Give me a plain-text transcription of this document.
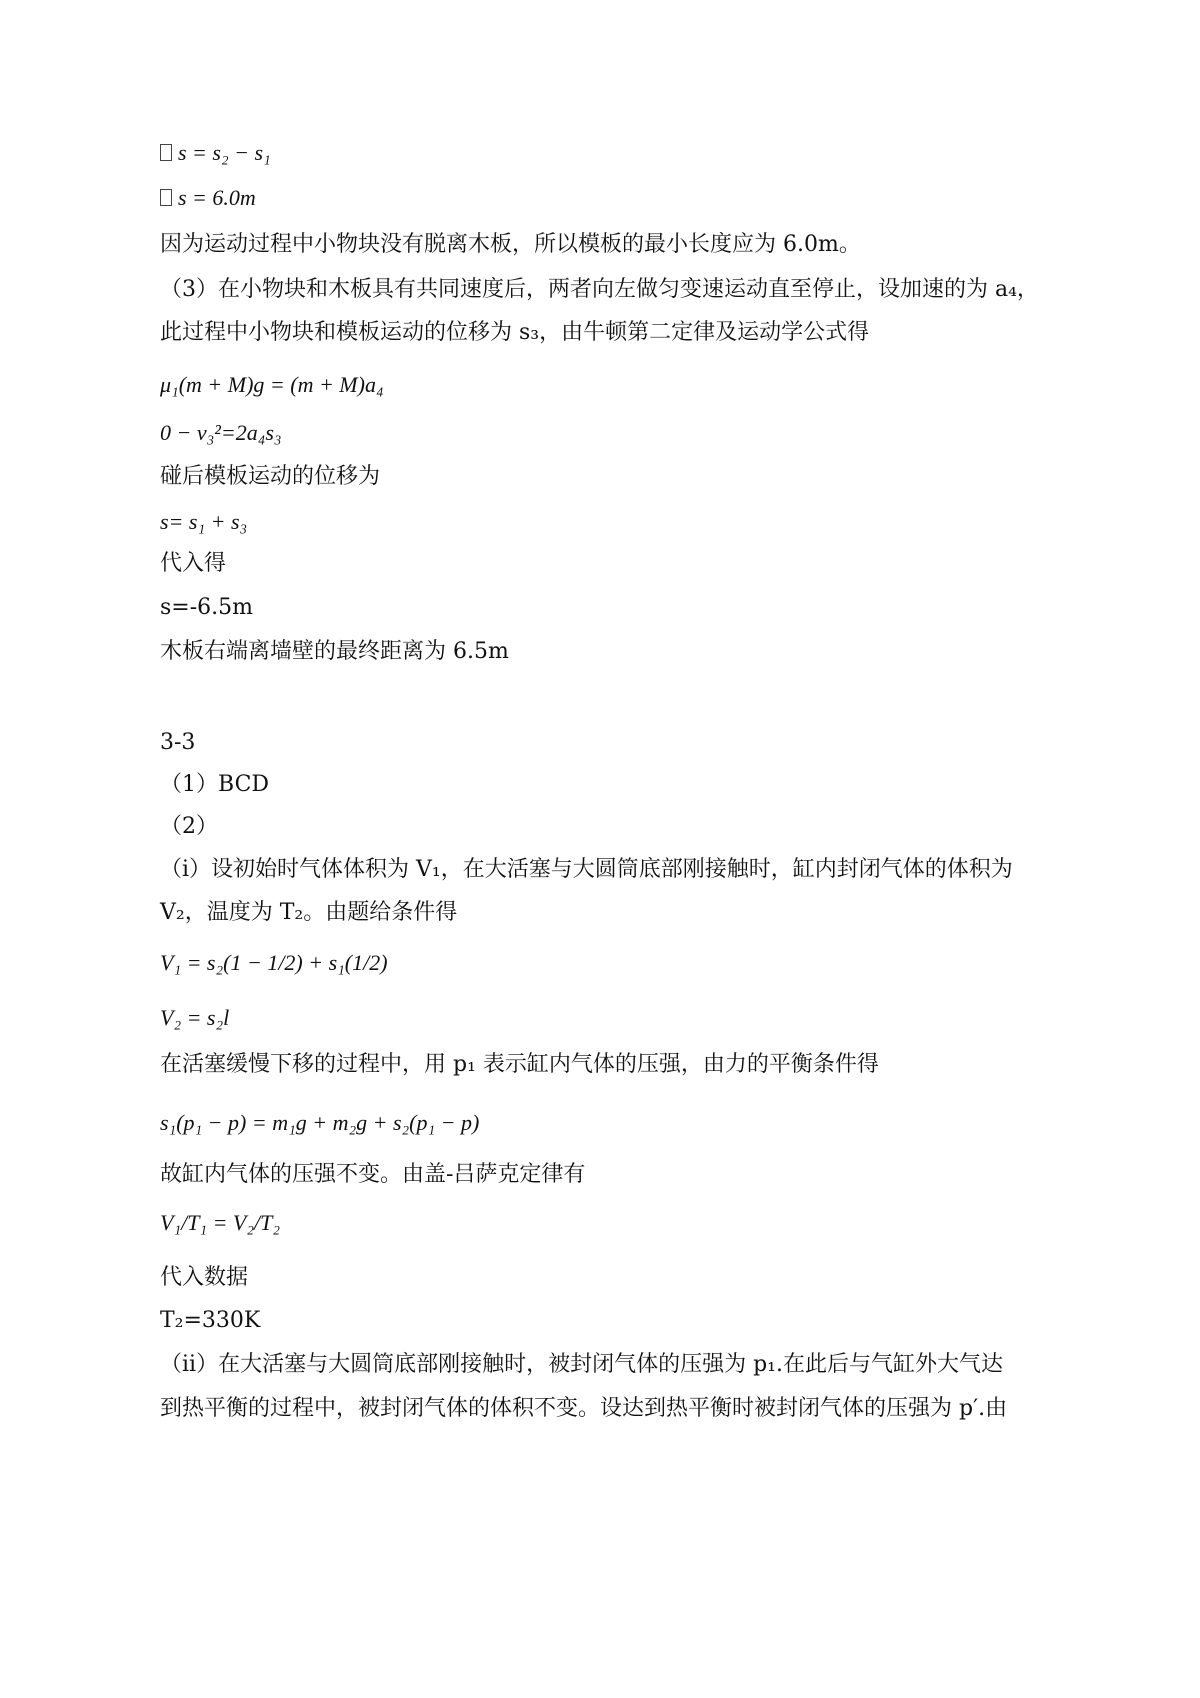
s = s₂ − s₁
s = 6.0m
因为运动过程中小物块没有脱离木板，所以模板的最小长度应为 6.0m。
（3）在小物块和木板具有共同速度后，两者向左做匀变速运动直至停止，设加速的为 a₄，
此过程中小物块和模板运动的位移为 s₃，由牛顿第二定律及运动学公式得
μ₁(m + M)g = (m + M)a₄
0 − v₃²=2a₄s₃
碰后模板运动的位移为
s= s₁ + s₃
代入得
s=-6.5m
木板右端离墙壁的最终距离为 6.5m
3-3
（1）BCD
（2）
（i）设初始时气体体积为 V₁，在大活塞与大圆筒底部刚接触时，缸内封闭气体的体积为
V₂，温度为 T₂。由题给条件得
V₁ = s₂(1 − 1/2) + s₁(1/2)
V₂ = s₂l
在活塞缓慢下移的过程中，用 p₁ 表示缸内气体的压强，由力的平衡条件得
s₁(p₁ − p) = m₁g + m₂g + s₂(p₁ − p)
故缸内气体的压强不变。由盖-吕萨克定律有
V₁/T₁ = V₂/T₂
代入数据
T₂=330K
（ii）在大活塞与大圆筒底部刚接触时，被封闭气体的压强为 p₁.在此后与气缸外大气达
到热平衡的过程中，被封闭气体的体积不变。设达到热平衡时被封闭气体的压强为 p′.由
